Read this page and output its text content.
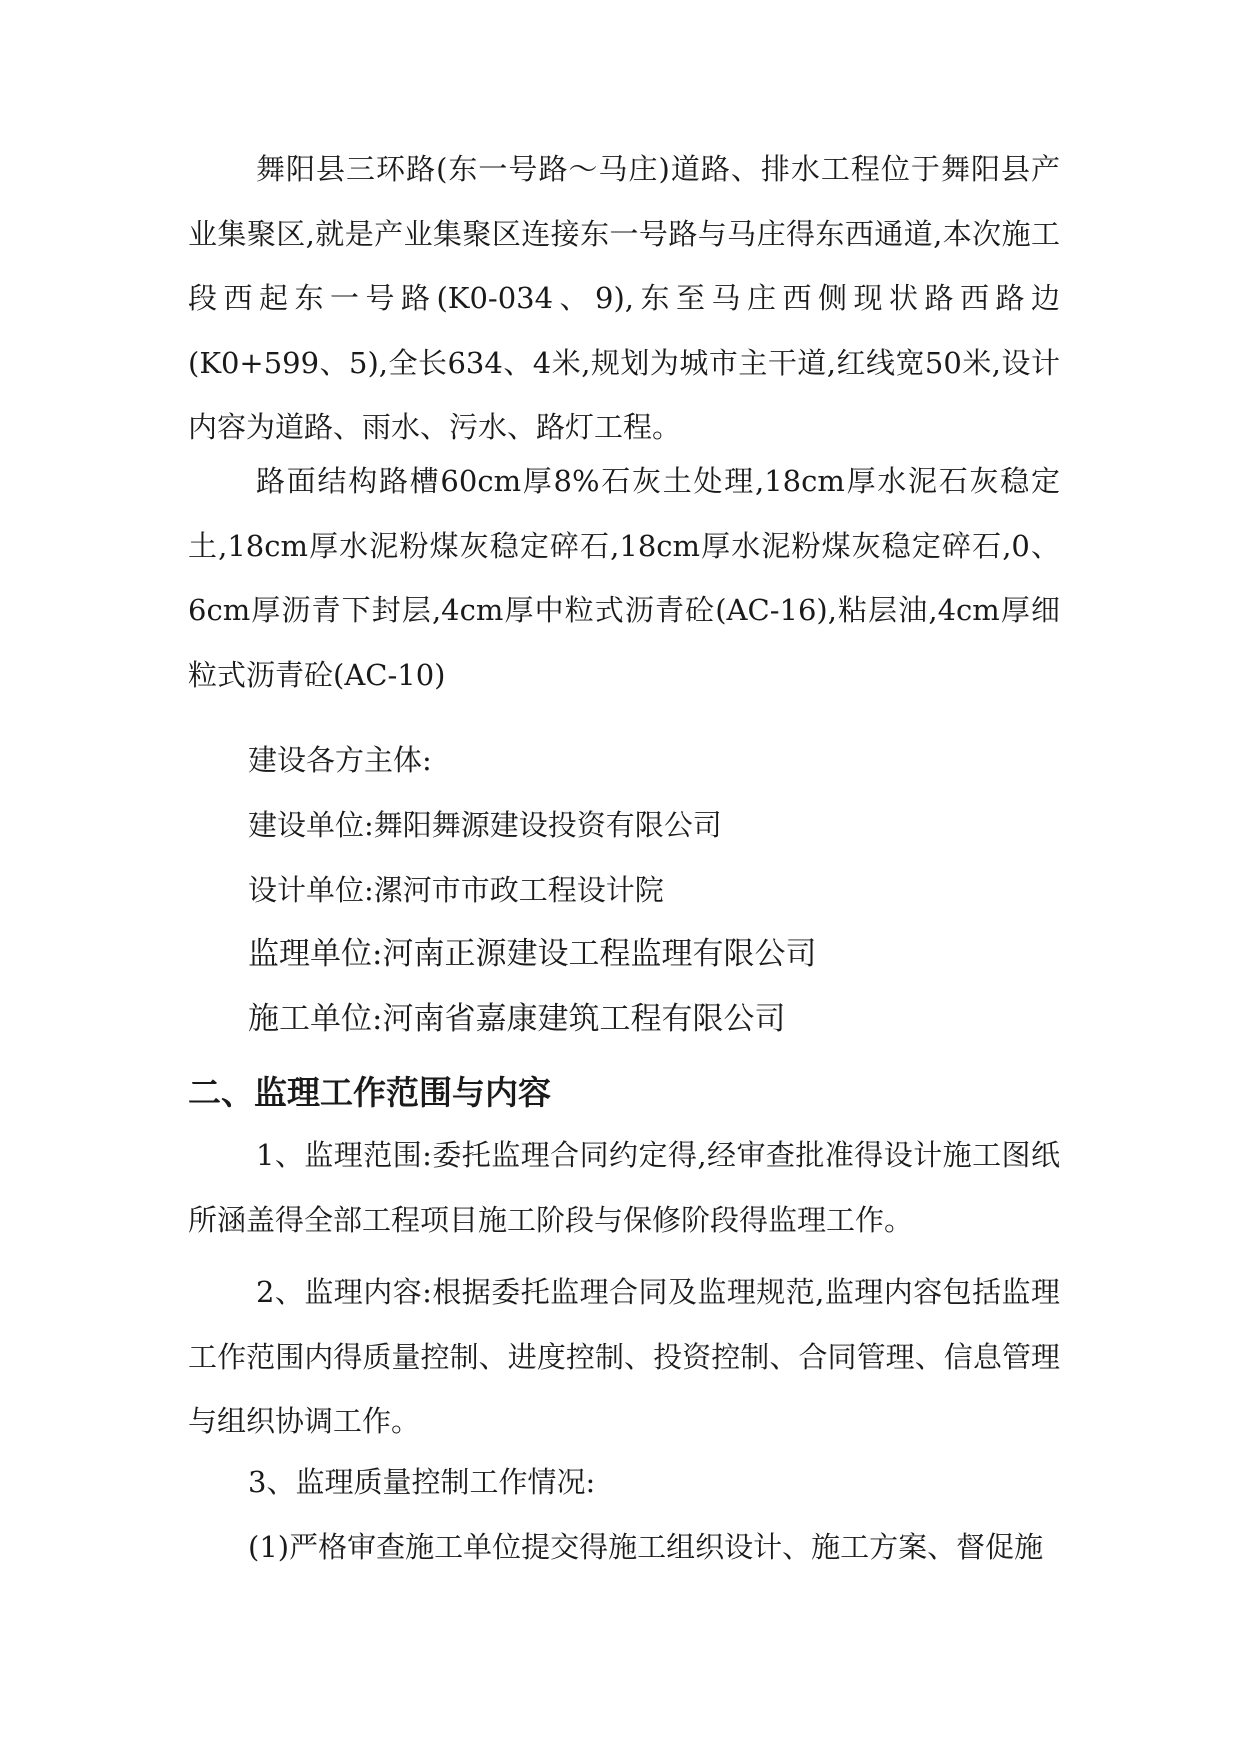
舞阳县三环路(东一号路～马庄)道路、排水工程位于舞阳县产业集聚区,就是产业集聚区连接东一号路与马庄得东西通道,本次施工段西起东一号路(K0-034、9),东至马庄西侧现状路西路边(K0+599、5),全长634、4米,规划为城市主干道,红线宽50米,设计内容为道路、雨水、污水、路灯工程。

路面结构路槽60cm厚8%石灰土处理,18cm厚水泥石灰稳定土,18cm厚水泥粉煤灰稳定碎石,18cm厚水泥粉煤灰稳定碎石,0、6cm厚沥青下封层,4cm厚中粒式沥青砼(AC-16),粘层油,4cm厚细粒式沥青砼(AC-10)

建设各方主体:

建设单位:舞阳舞源建设投资有限公司

设计单位:漯河市市政工程设计院

监理单位:河南正源建设工程监理有限公司

施工单位:河南省嘉康建筑工程有限公司

二、监理工作范围与内容

1、监理范围:委托监理合同约定得,经审查批准得设计施工图纸所涵盖得全部工程项目施工阶段与保修阶段得监理工作。

2、监理内容:根据委托监理合同及监理规范,监理内容包括监理工作范围内得质量控制、进度控制、投资控制、合同管理、信息管理与组织协调工作。

3、监理质量控制工作情况:

(1)严格审查施工单位提交得施工组织设计、施工方案、督促施
